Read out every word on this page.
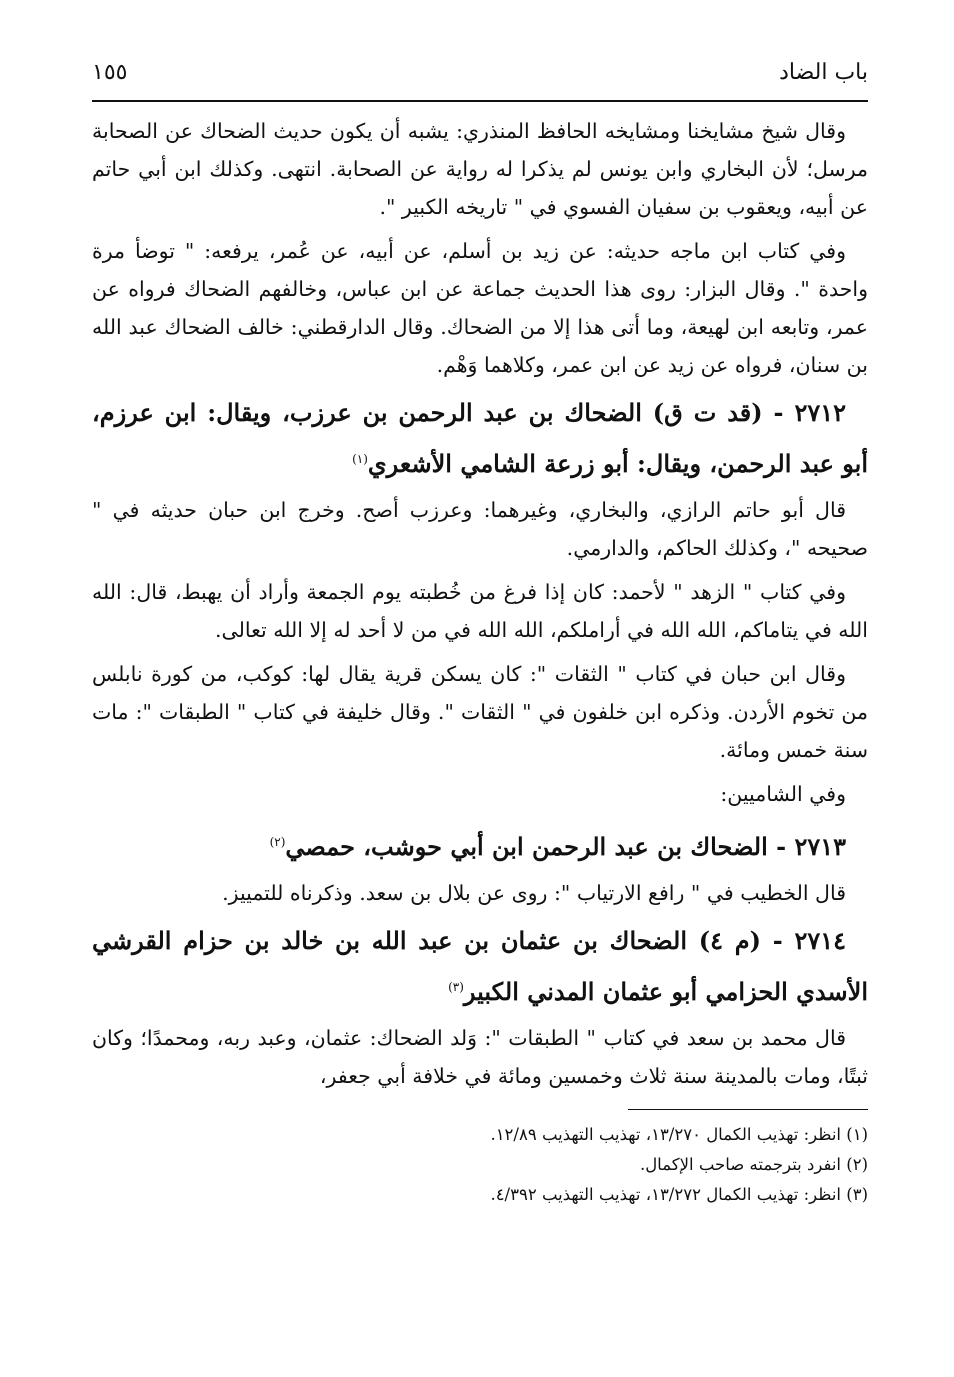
باب الضاد
١٥٥

وقال شيخ مشايخنا ومشايخه الحافظ المنذري: يشبه أن يكون حديث الضحاك عن الصحابة مرسل؛ لأن البخاري وابن يونس لم يذكرا له رواية عن الصحابة. انتهى. وكذلك ابن أبي حاتم عن أبيه، ويعقوب بن سفيان الفسوي في " تاريخه الكبير ".

وفي كتاب ابن ماجه حديثه: عن زيد بن أسلم، عن أبيه، عن عُمر، يرفعه: " توضأ مرة واحدة ". وقال البزار: روى هذا الحديث جماعة عن ابن عباس، وخالفهم الضحاك فرواه عن عمر، وتابعه ابن لهيعة، وما أتى هذا إلا من الضحاك. وقال الدارقطني: خالف الضحاك عبد الله بن سنان، فرواه عن زيد عن ابن عمر، وكلاهما وَهْم.

٢٧١٢ - (قد ت ق) الضحاك بن عبد الرحمن بن عرزب، ويقال: ابن عرزم، أبو عبد الرحمن، ويقال: أبو زرعة الشامي الأشعري$^{(١)}$

قال أبو حاتم الرازي، والبخاري، وغيرهما: وعرزب أصح. وخرج ابن حبان حديثه في " صحيحه "، وكذلك الحاكم، والدارمي.

وفي كتاب " الزهد " لأحمد: كان إذا فرغ من خُطبته يوم الجمعة وأراد أن يهبط، قال: الله الله في يتاماكم، الله الله في أراملكم، الله الله في من لا أحد له إلا الله تعالى.

وقال ابن حبان في كتاب " الثقات ": كان يسكن قرية يقال لها: كوكب، من كورة نابلس من تخوم الأردن. وذكره ابن خلفون في " الثقات ". وقال خليفة في كتاب " الطبقات ": مات سنة خمس ومائة.

وفي الشاميين:

٢٧١٣ - الضحاك بن عبد الرحمن ابن أبي حوشب، حمصي$^{(٢)}$

قال الخطيب في " رافع الارتياب ": روى عن بلال بن سعد. وذكرناه للتمييز.

٢٧١٤ - (م ٤) الضحاك بن عثمان بن عبد الله بن خالد بن حزام القرشي الأسدي الحزامي أبو عثمان المدني الكبير$^{(٣)}$

قال محمد بن سعد في كتاب " الطبقات ": وَلد الضحاك: عثمان، وعبد ربه، ومحمدًا؛ وكان ثبتًا، ومات بالمدينة سنة ثلاث وخمسين ومائة في خلافة أبي جعفر،

(١) انظر: تهذيب الكمال ١٣/٢٧٠، تهذيب التهذيب ١٢/٨٩.
(٢) انفرد بترجمته صاحب الإكمال.
(٣) انظر: تهذيب الكمال ١٣/٢٧٢، تهذيب التهذيب ٤/٣٩٢.
